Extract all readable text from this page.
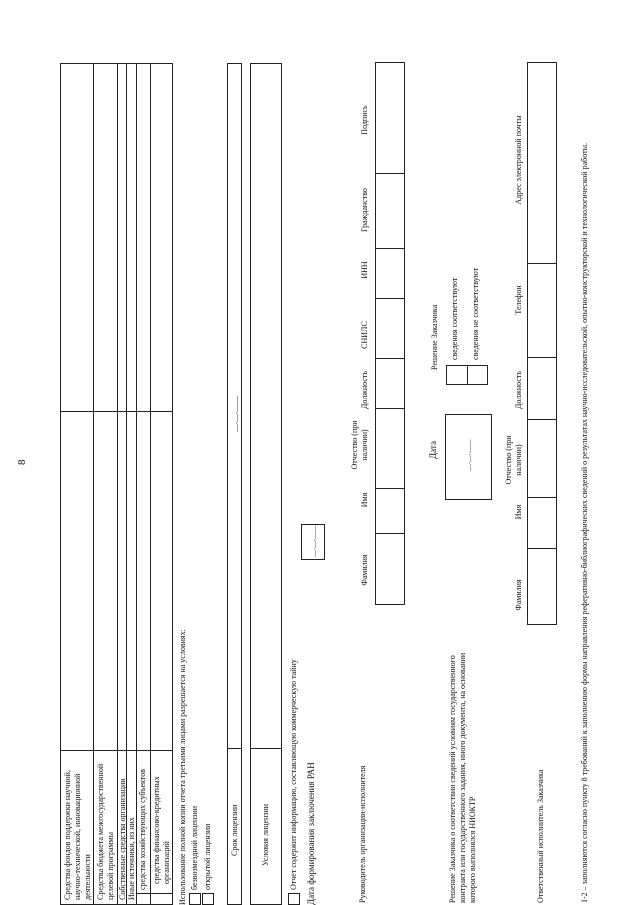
8
Средства фондов поддержки научной, научно-технической, инновационной деятельности Средства бюджета межгосударственной целевой программы Собственные средства организации Иные источники, из них средства хозяйствующих субъектов средства финансово-кредитных организаций Использование полной копии отчета третьими лицами разрешается на условиях: безвозмездной лицензии открытой лицензии Срок лицензии
__.__.____
Условия лицензии Отчет содержит информацию, составляющую коммерческую тайну Дата формирования заключения РАН
__.__.____
Руководитель организации-исполнителя
Фамилия
Имя
Отчество (при наличии)
Должность
СНИЛС
ИНН
Гражданство
Подпись
Решение Заказчика о соответствии сведений условиям государственного контракта или государственного задания, иного документа, на основании которого выполнялся НИОКТР
Дата	__.__.____
Решение Заказчика сведения соответствуют сведения не соответствуют
Ответственный исполнитель Заказчика
Фамилия
Имя
Отчество (при наличии)
Должность
Телефон
Адрес электронной почты	1-2 – заполняются согласно пункту 8 требований к заполнению формы направления реферативно-библиографических сведений о результатах научно-исследовательской, опытно-конструкторской и технологической работы.
